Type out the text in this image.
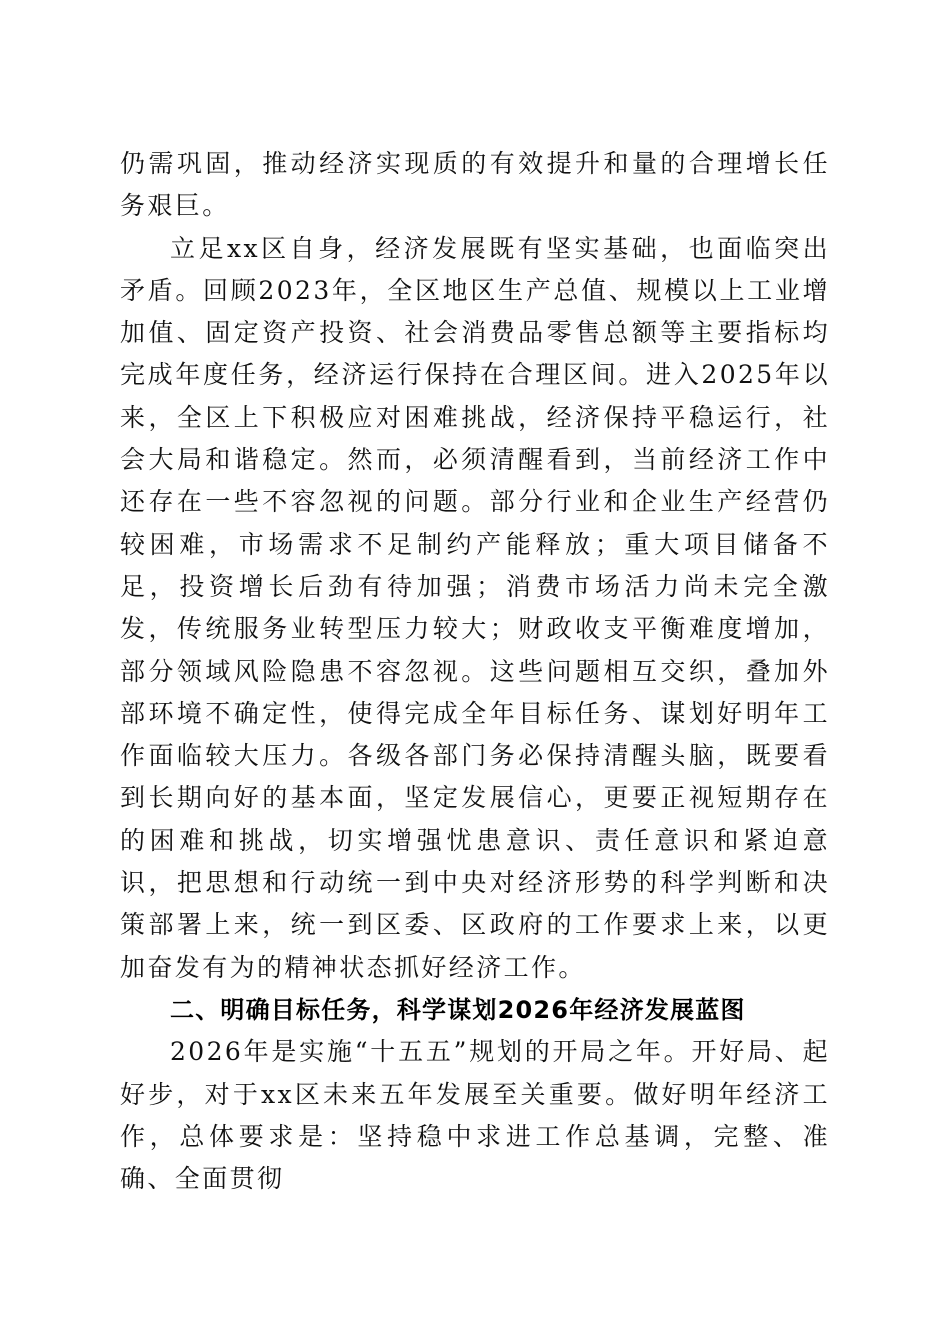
仍需巩固，推动经济实现质的有效提升和量的合理增长任务艰巨。

立足xx区自身，经济发展既有坚实基础，也面临突出矛盾。回顾2023年，全区地区生产总值、规模以上工业增加值、固定资产投资、社会消费品零售总额等主要指标均完成年度任务，经济运行保持在合理区间。进入2025年以来，全区上下积极应对困难挑战，经济保持平稳运行，社会大局和谐稳定。然而，必须清醒看到，当前经济工作中还存在一些不容忽视的问题。部分行业和企业生产经营仍较困难，市场需求不足制约产能释放；重大项目储备不足，投资增长后劲有待加强；消费市场活力尚未完全激发，传统服务业转型压力较大；财政收支平衡难度增加，部分领域风险隐患不容忽视。这些问题相互交织，叠加外部环境不确定性，使得完成全年目标任务、谋划好明年工作面临较大压力。各级各部门务必保持清醒头脑，既要看到长期向好的基本面，坚定发展信心，更要正视短期存在的困难和挑战，切实增强忧患意识、责任意识和紧迫意识，把思想和行动统一到中央对经济形势的科学判断和决策部署上来，统一到区委、区政府的工作要求上来，以更加奋发有为的精神状态抓好经济工作。

二、明确目标任务，科学谋划2026年经济发展蓝图

2026年是实施“十五五”规划的开局之年。开好局、起好步，对于xx区未来五年发展至关重要。做好明年经济工作，总体要求是：坚持稳中求进工作总基调，完整、准确、全面贯彻
